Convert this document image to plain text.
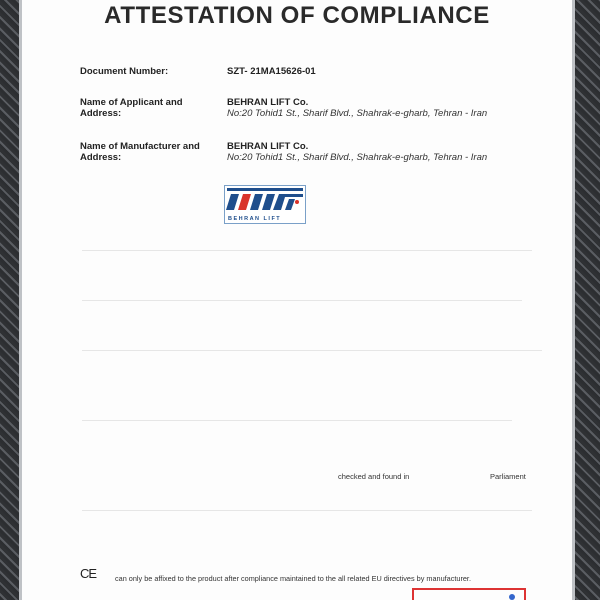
ATTESTATION OF COMPLIANCE
Document Number:	SZT- 21MA15626-01
Name of Applicant and
Address:
BEHRAN LIFT Co.
No:20 Tohid1 St., Sharif Blvd., Shahrak-e-gharb, Tehran - Iran
Name of Manufacturer and
Address:
BEHRAN LIFT Co.
No:20 Tohid1 St., Sharif Blvd., Shahrak-e-gharb, Tehran - Iran
BEHRAN LIFT
checked and found in	Parliament
CE	can only be affixed to the product after compliance maintained to the all related EU directives by manufacturer.
